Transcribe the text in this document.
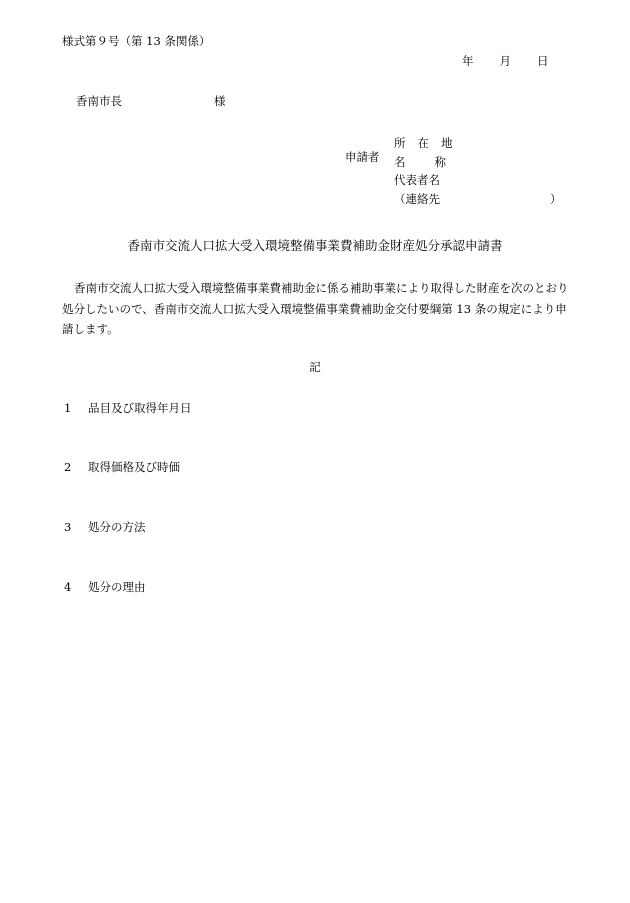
様式第９号（第 13 条関係）
年 月 日
香南市長	様
申請者
所 在 地
名	称
代表者名
（連絡先	）
香南市交流人口拡大受入環境整備事業費補助金財産処分承認申請書

香南市交流人口拡大受入環境整備事業費補助金に係る補助事業により取得した財産を次のとおり処分したいので、香南市交流人口拡大受入環境整備事業費補助金交付要綱第 13 条の規定により申請します。

記
1 品目及び取得年月日
2 取得価格及び時価
3 処分の方法
4 処分の理由
